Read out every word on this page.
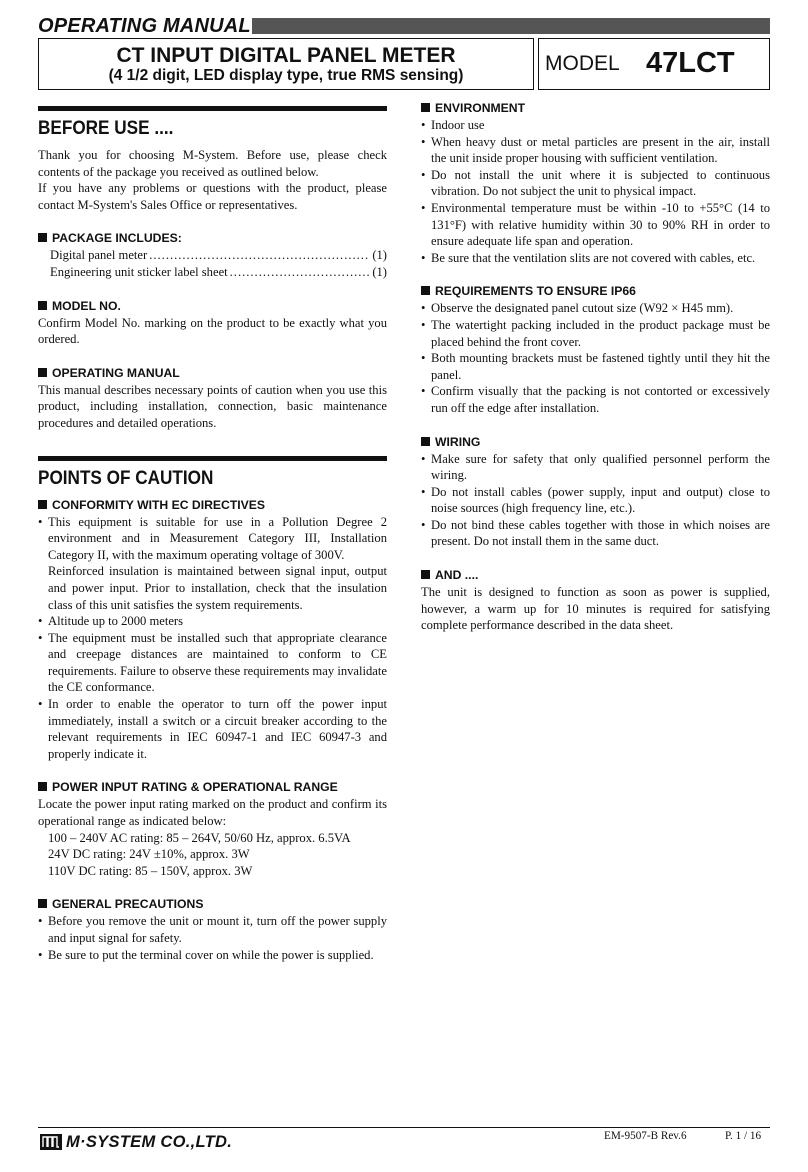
OPERATING MANUAL
CT INPUT DIGITAL PANEL METER
(4 1/2 digit, LED display type, true RMS sensing)
MODEL 47LCT
BEFORE USE ....
Thank you for choosing M-System. Before use, please check contents of the package you received as outlined below.
If you have any problems or questions with the product, please contact M-System's Sales Office or representatives.
PACKAGE INCLUDES:
Digital panel meter .....	(1)
Engineering unit sticker label sheet .....	(1)
MODEL NO.
Confirm Model No. marking on the product to be exactly what you ordered.
OPERATING MANUAL
This manual describes necessary points of caution when you use this product, including installation, connection, basic maintenance procedures and detailed operations.
POINTS OF CAUTION
CONFORMITY WITH EC DIRECTIVES
• This equipment is suitable for use in a Pollution Degree 2 environment and in Measurement Category III, Installation Category II, with the maximum operating voltage of 300V.
Reinforced insulation is maintained between signal input, output and power input. Prior to installation, check that the insulation class of this unit satisfies the system requirements.
• Altitude up to 2000 meters
• The equipment must be installed such that appropriate clearance and creepage distances are maintained to conform to CE requirements. Failure to observe these requirements may invalidate the CE conformance.
• In order to enable the operator to turn off the power input immediately, install a switch or a circuit breaker according to the relevant requirements in IEC 60947-1 and IEC 60947-3 and properly indicate it.
POWER INPUT RATING & OPERATIONAL RANGE
Locate the power input rating marked on the product and confirm its operational range as indicated below:
100 – 240V AC rating: 85 – 264V, 50/60 Hz, approx. 6.5VA
24V DC rating: 24V ±10%, approx. 3W
110V DC rating: 85 – 150V, approx. 3W
GENERAL PRECAUTIONS
• Before you remove the unit or mount it, turn off the power supply and input signal for safety.
• Be sure to put the terminal cover on while the power is supplied.
ENVIRONMENT
• Indoor use
• When heavy dust or metal particles are present in the air, install the unit inside proper housing with sufficient ventilation.
• Do not install the unit where it is subjected to continuous vibration. Do not subject the unit to physical impact.
• Environmental temperature must be within -10 to +55°C (14 to 131°F) with relative humidity within 30 to 90% RH in order to ensure adequate life span and operation.
• Be sure that the ventilation slits are not covered with cables, etc.
REQUIREMENTS TO ENSURE IP66
• Observe the designated panel cutout size (W92 × H45 mm).
• The watertight packing included in the product package must be placed behind the front cover.
• Both mounting brackets must be fastened tightly until they hit the panel.
• Confirm visually that the packing is not contorted or excessively run off the edge after installation.
WIRING
• Make sure for safety that only qualified personnel perform the wiring.
• Do not install cables (power supply, input and output) close to noise sources (high frequency line, etc.).
• Do not bind these cables together with those in which noises are present. Do not install them in the same duct.
AND ....
The unit is designed to function as soon as power is supplied, however, a warm up for 10 minutes is required for satisfying complete performance described in the data sheet.
M·SYSTEM CO.,LTD.	EM-9507-B Rev.6	P. 1 / 16
